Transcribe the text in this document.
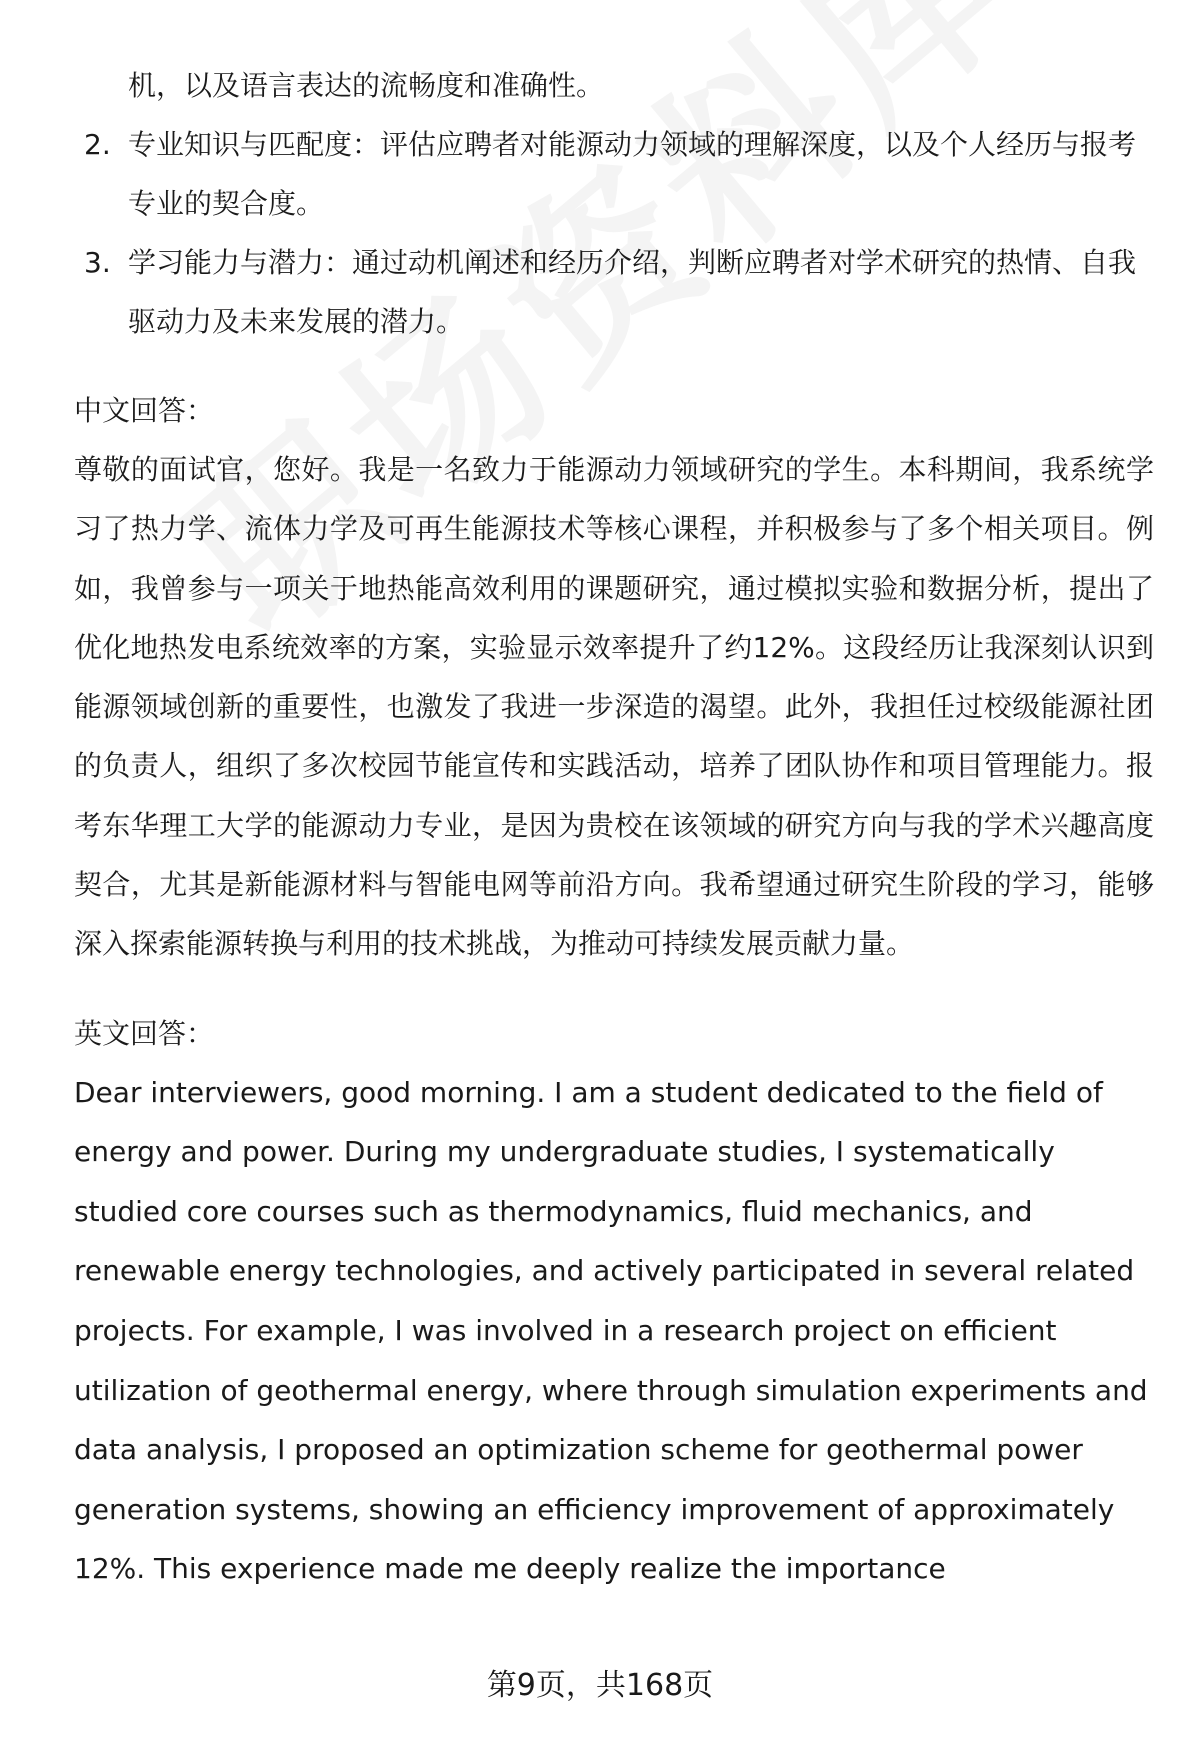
机，以及语言表达的流畅度和准确性。

2. 专业知识与匹配度：评估应聘者对能源动力领域的理解深度，以及个人经历与报考专业的契合度。
3. 学习能力与潜力：通过动机阐述和经历介绍，判断应聘者对学术研究的热情、自我驱动力及未来发展的潜力。
中文回答：

尊敬的面试官，您好。我是一名致力于能源动力领域研究的学生。本科期间，我系统学习了热力学、流体力学及可再生能源技术等核心课程，并积极参与了多个相关项目。例如，我曾参与一项关于地热能高效利用的课题研究，通过模拟实验和数据分析，提出了优化地热发电系统效率的方案，实验显示效率提升了约12%。这段经历让我深刻认识到能源领域创新的重要性，也激发了我进一步深造的渴望。此外，我担任过校级能源社团的负责人，组织了多次校园节能宣传和实践活动，培养了团队协作和项目管理能力。报考东华理工大学的能源动力专业，是因为贵校在该领域的研究方向与我的学术兴趣高度契合，尤其是新能源材料与智能电网等前沿方向。我希望通过研究生阶段的学习，能够深入探索能源转换与利用的技术挑战，为推动可持续发展贡献力量。

英文回答：

Dear interviewers, good morning. I am a student dedicated to the field of energy and power. During my undergraduate studies, I systematically studied core courses such as thermodynamics, fluid mechanics, and renewable energy technologies, and actively participated in several related projects. For example, I was involved in a research project on efficient utilization of geothermal energy, where through simulation experiments and data analysis, I proposed an optimization scheme for geothermal power generation systems, showing an efficiency improvement of approximately 12%. This experience made me deeply realize the importance

第9页，共168页
